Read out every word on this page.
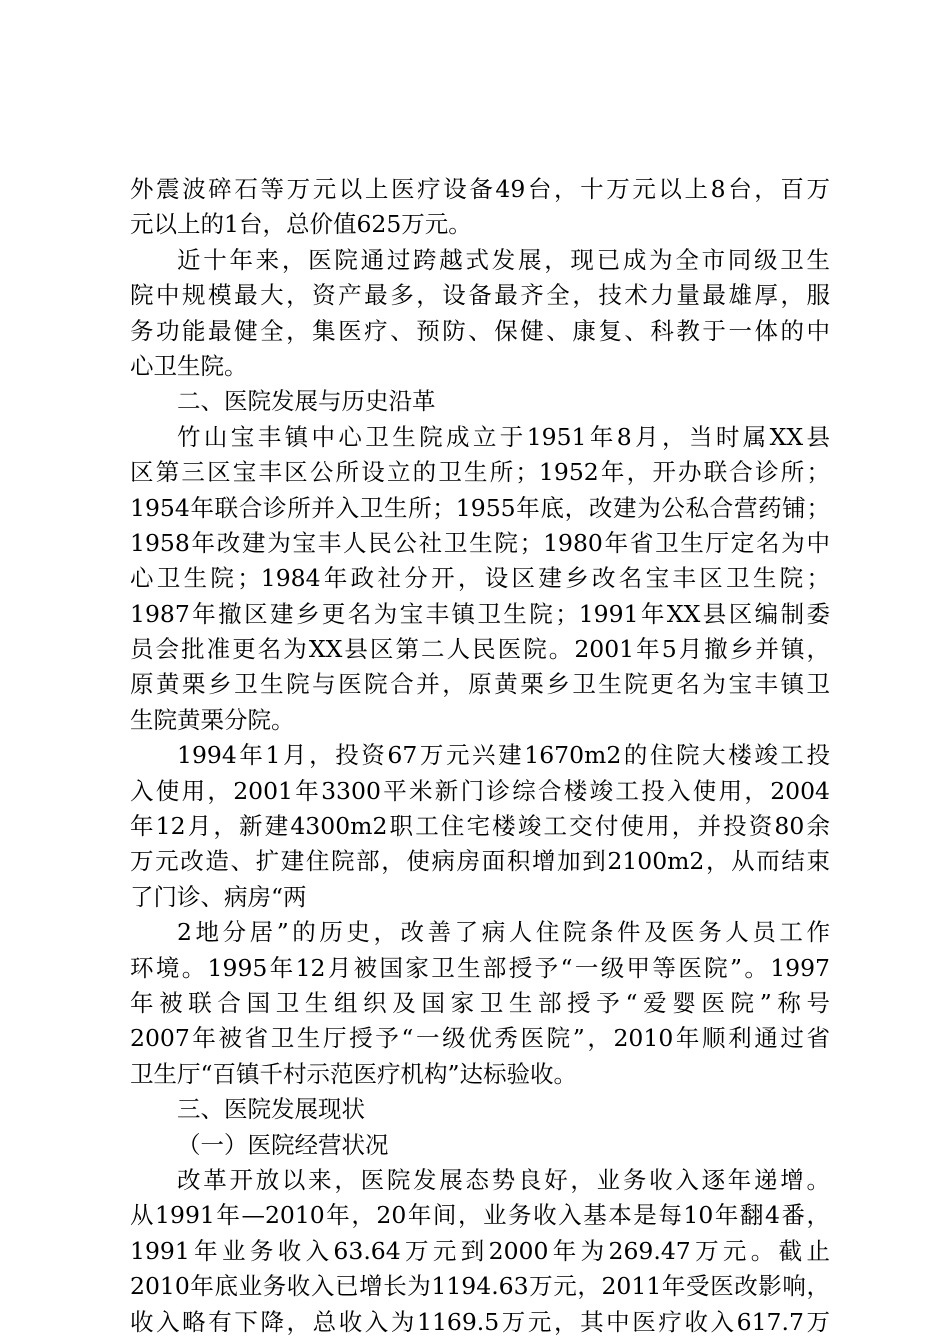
外震波碎石等万元以上医疗设备49台，十万元以上8台，百万
元以上的1台，总价值625万元。
近十年来，医院通过跨越式发展，现已成为全市同级卫生
院中规模最大，资产最多，设备最齐全，技术力量最雄厚，服
务功能最健全，集医疗、预防、保健、康复、科教于一体的中
心卫生院。
二、医院发展与历史沿革
竹山宝丰镇中心卫生院成立于1951年8月，当时属XX县
区第三区宝丰区公所设立的卫生所；1952年，开办联合诊所；
1954年联合诊所并入卫生所；1955年底，改建为公私合营药铺；
1958年改建为宝丰人民公社卫生院；1980年省卫生厅定名为中
心卫生院；1984年政社分开，设区建乡改名宝丰区卫生院；
1987年撤区建乡更名为宝丰镇卫生院；1991年XX县区编制委
员会批准更名为XX县区第二人民医院。2001年5月撤乡并镇，
原黄栗乡卫生院与医院合并，原黄栗乡卫生院更名为宝丰镇卫
生院黄栗分院。
1994年1月，投资67万元兴建1670m2的住院大楼竣工投
入使用，2001年3300平米新门诊综合楼竣工投入使用，2004
年12月，新建4300m2职工住宅楼竣工交付使用，并投资80余
万元改造、扩建住院部，使病房面积增加到2100m2，从而结束
了门诊、病房“两
2地分居”的历史，改善了病人住院条件及医务人员工作
环境。1995年12月被国家卫生部授予“一级甲等医院”。1997
年被联合国卫生组织及国家卫生部授予“爱婴医院”称号
2007年被省卫生厅授予“一级优秀医院”，2010年顺利通过省
卫生厅“百镇千村示范医疗机构”达标验收。
三、医院发展现状
（一）医院经营状况
改革开放以来，医院发展态势良好，业务收入逐年递增。
从1991年—2010年，20年间，业务收入基本是每10年翻4番，
1991年业务收入63.64万元到2000年为269.47万元。截止
2010年底业务收入已增长为1194.63万元，2011年受医改影响，
收入略有下降，总收入为1169.5万元，其中医疗收入617.7万
